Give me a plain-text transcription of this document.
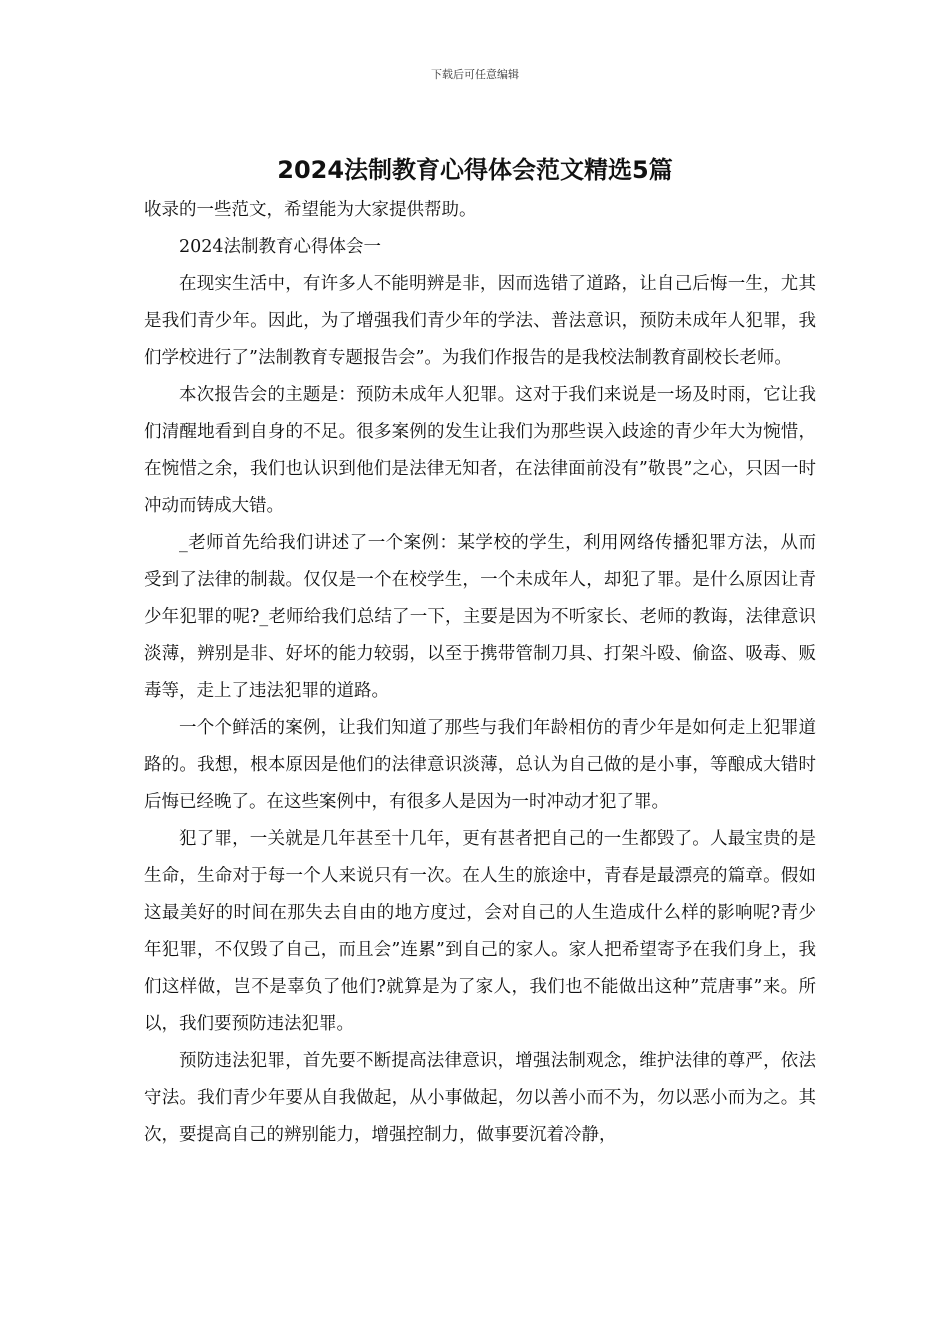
下载后可任意编辑
2024法制教育心得体会范文精选5篇

收录的一些范文，希望能为大家提供帮助。

2024法制教育心得体会一

在现实生活中，有许多人不能明辨是非，因而选错了道路，让自己后悔一生，尤其是我们青少年。因此，为了增强我们青少年的学法、普法意识，预防未成年人犯罪，我们学校进行了”法制教育专题报告会”。为我们作报告的是我校法制教育副校长老师。

本次报告会的主题是：预防未成年人犯罪。这对于我们来说是一场及时雨，它让我们清醒地看到自身的不足。很多案例的发生让我们为那些误入歧途的青少年大为惋惜，在惋惜之余，我们也认识到他们是法律无知者，在法律面前没有”敬畏”之心，只因一时冲动而铸成大错。

_老师首先给我们讲述了一个案例：某学校的学生，利用网络传播犯罪方法，从而受到了法律的制裁。仅仅是一个在校学生，一个未成年人，却犯了罪。是什么原因让青少年犯罪的呢?_老师给我们总结了一下，主要是因为不听家长、老师的教诲，法律意识淡薄，辨别是非、好坏的能力较弱，以至于携带管制刀具、打架斗殴、偷盗、吸毒、贩毒等，走上了违法犯罪的道路。

一个个鲜活的案例，让我们知道了那些与我们年龄相仿的青少年是如何走上犯罪道路的。我想，根本原因是他们的法律意识淡薄，总认为自己做的是小事，等酿成大错时后悔已经晚了。在这些案例中，有很多人是因为一时冲动才犯了罪。

犯了罪，一关就是几年甚至十几年，更有甚者把自己的一生都毁了。人最宝贵的是生命，生命对于每一个人来说只有一次。在人生的旅途中，青春是最漂亮的篇章。假如这最美好的时间在那失去自由的地方度过，会对自己的人生造成什么样的影响呢?青少年犯罪，不仅毁了自己，而且会”连累”到自己的家人。家人把希望寄予在我们身上，我们这样做，岂不是辜负了他们?就算是为了家人，我们也不能做出这种”荒唐事”来。所以，我们要预防违法犯罪。

预防违法犯罪，首先要不断提高法律意识，增强法制观念，维护法律的尊严，依法守法。我们青少年要从自我做起，从小事做起，勿以善小而不为，勿以恶小而为之。其次，要提高自己的辨别能力，增强控制力，做事要沉着冷静，
